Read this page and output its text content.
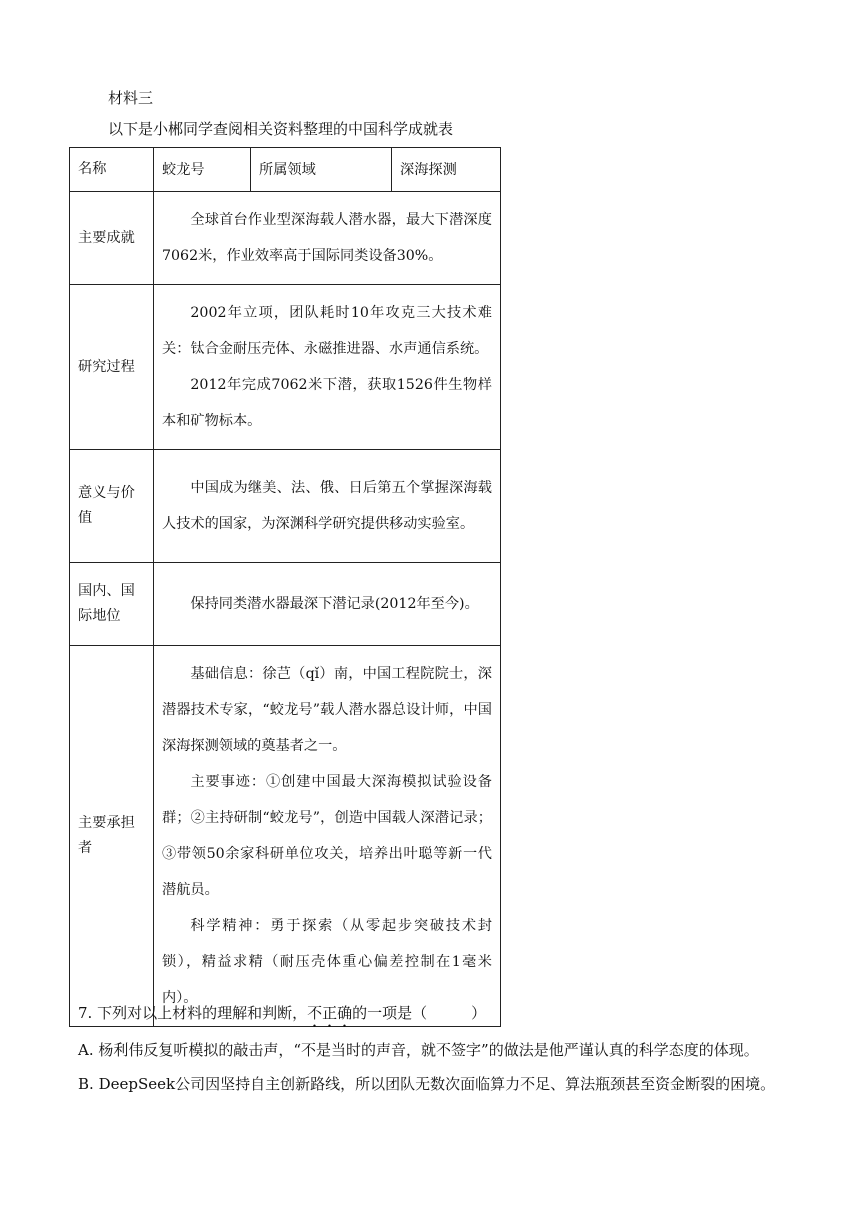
材料三
以下是小郴同学查阅相关资料整理的中国科学成就表
名称	蛟龙号	所属领域	深海探测
主要成就	全球首台作业型深海载人潜水器，最大下潜深度7062米，作业效率高于国际同类设备30%。		

研究过程	2002年立项，团队耗时10年攻克三大技术难关：钛合金耐压壳体、永磁推进器、水声通信系统。

2012年完成7062米下潜，获取1526件生物样本和矿物标本。		

意义与价值	中国成为继美、法、俄、日后第五个掌握深海载人技术的国家，为深渊科学研究提供移动实验室。		

国内、国际地位	保持同类潜水器最深下潜记录(2012年至今)。		

主要承担者	基础信息：徐芑（qǐ）南，中国工程院院士，深潜器技术专家，“蛟龙号”载人潜水器总设计师，中国深海探测领域的奠基者之一。

主要事迹：①创建中国最大深海模拟试验设备群；②主持研制“蛟龙号”，创造中国载人深潜记录；③带领50余家科研单位攻关，培养出叶聪等新一代潜航员。

科学精神：勇于探索（从零起步突破技术封锁），精益求精（耐压壳体重心偏差控制在1毫米内）。		

7. 下列对以上材料的理解和判断，不正确的一项是（	）
A. 杨利伟反复听模拟的敲击声，“不是当时的声音，就不签字”的做法是他严谨认真的科学态度的体现。
B. DeepSeek公司因坚持自主创新路线，所以团队无数次面临算力不足、算法瓶颈甚至资金断裂的困境。
